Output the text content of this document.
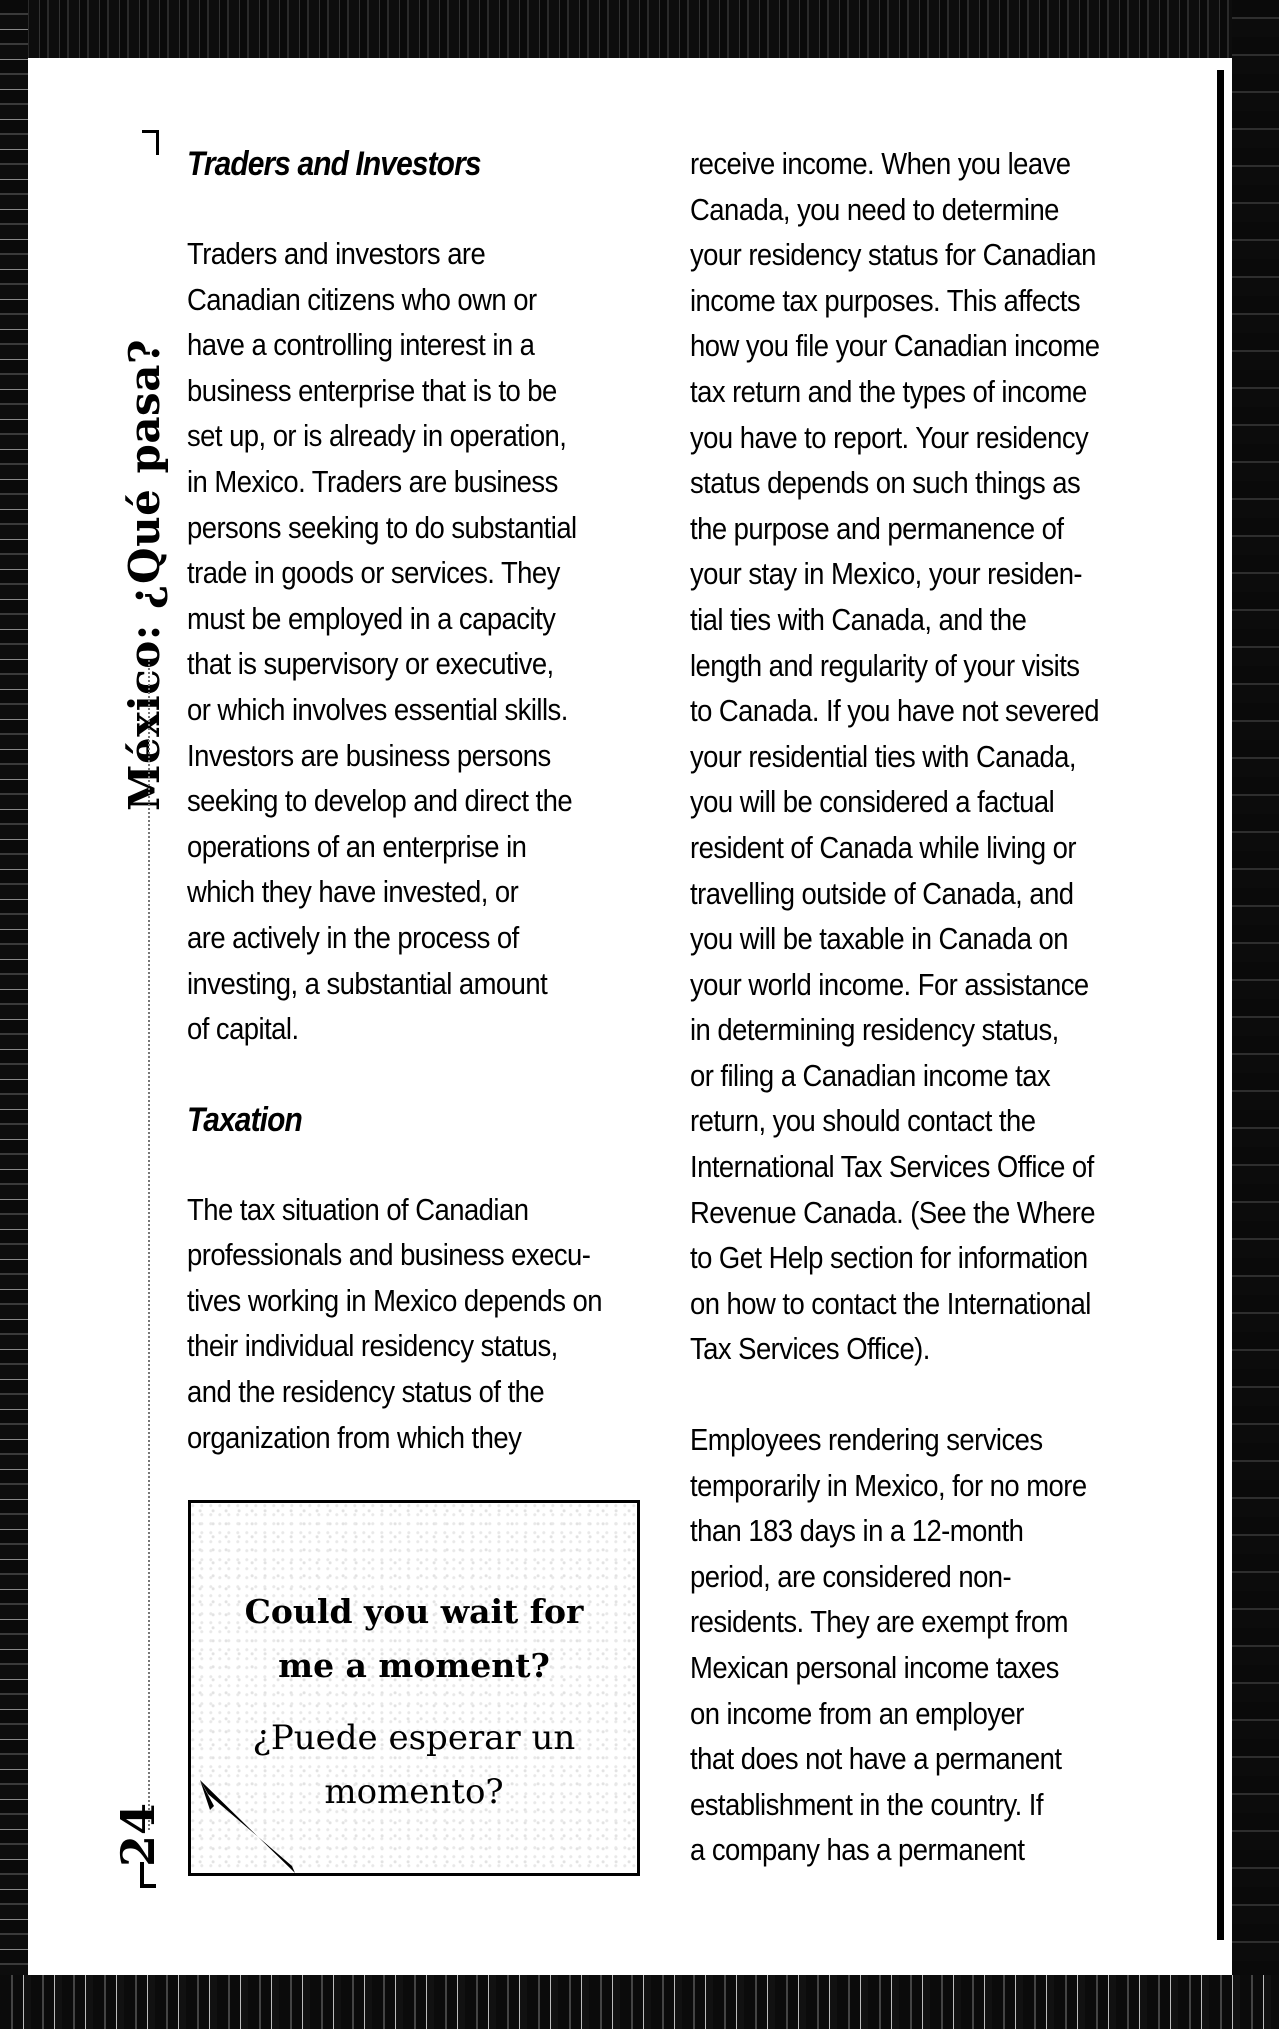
México: ¿Qué pasa?
24
Traders and Investors

Traders and investors are
Canadian citizens who own or
have a controlling interest in a
business enterprise that is to be
set up, or is already in operation,
in Mexico. Traders are business
persons seeking to do substantial
trade in goods or services. They
must be employed in a capacity
that is supervisory or executive,
or which involves essential skills.
Investors are business persons
seeking to develop and direct the
operations of an enterprise in
which they have invested, or
are actively in the process of
investing, a substantial amount
of capital.

Taxation

The tax situation of Canadian
professionals and business execu-
tives working in Mexico depends on
their individual residency status,
and the residency status of the
organization from which they

receive income. When you leave
Canada, you need to determine
your residency status for Canadian
income tax purposes. This affects
how you file your Canadian income
tax return and the types of income
you have to report. Your residency
status depends on such things as
the purpose and permanence of
your stay in Mexico, your residen-
tial ties with Canada, and the
length and regularity of your visits
to Canada. If you have not severed
your residential ties with Canada,
you will be considered a factual
resident of Canada while living or
travelling outside of Canada, and
you will be taxable in Canada on
your world income. For assistance
in determining residency status,
or filing a Canadian income tax
return, you should contact the
International Tax Services Office of
Revenue Canada. (See the Where
to Get Help section for information
on how to contact the International
Tax Services Office).

Employees rendering services
temporarily in Mexico, for no more
than 183 days in a 12-month
period, are considered non-
residents. They are exempt from
Mexican personal income taxes
on income from an employer
that does not have a permanent
establishment in the country. If
a company has a permanent

Could you wait for
me a moment?
¿Puede esperar un
momento?
